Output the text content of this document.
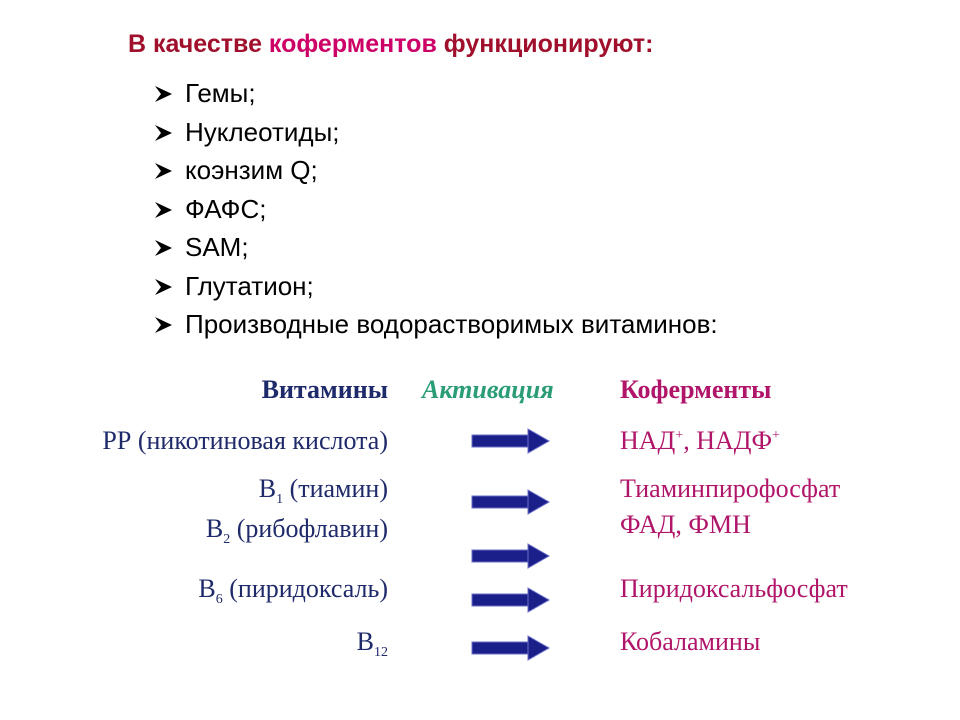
В качестве коферментов функционируют:
Гемы;
Нуклеотиды;
коэнзим Q;
ФАФС;
SAM;
Глутатион;
Производные водорастворимых витаминов:
Витамины Активация	Коферменты
РР (никотиновая кислота)
$В_1$ (тиамин)
$В_2$ (рибофлавин)
$В_6$ (пиридоксаль)
$В_{12}$
НАД+, НАДФ+
Тиаминпирофосфат
ФАД, ФМН
Пиридоксальфосфат
Кобаламины
